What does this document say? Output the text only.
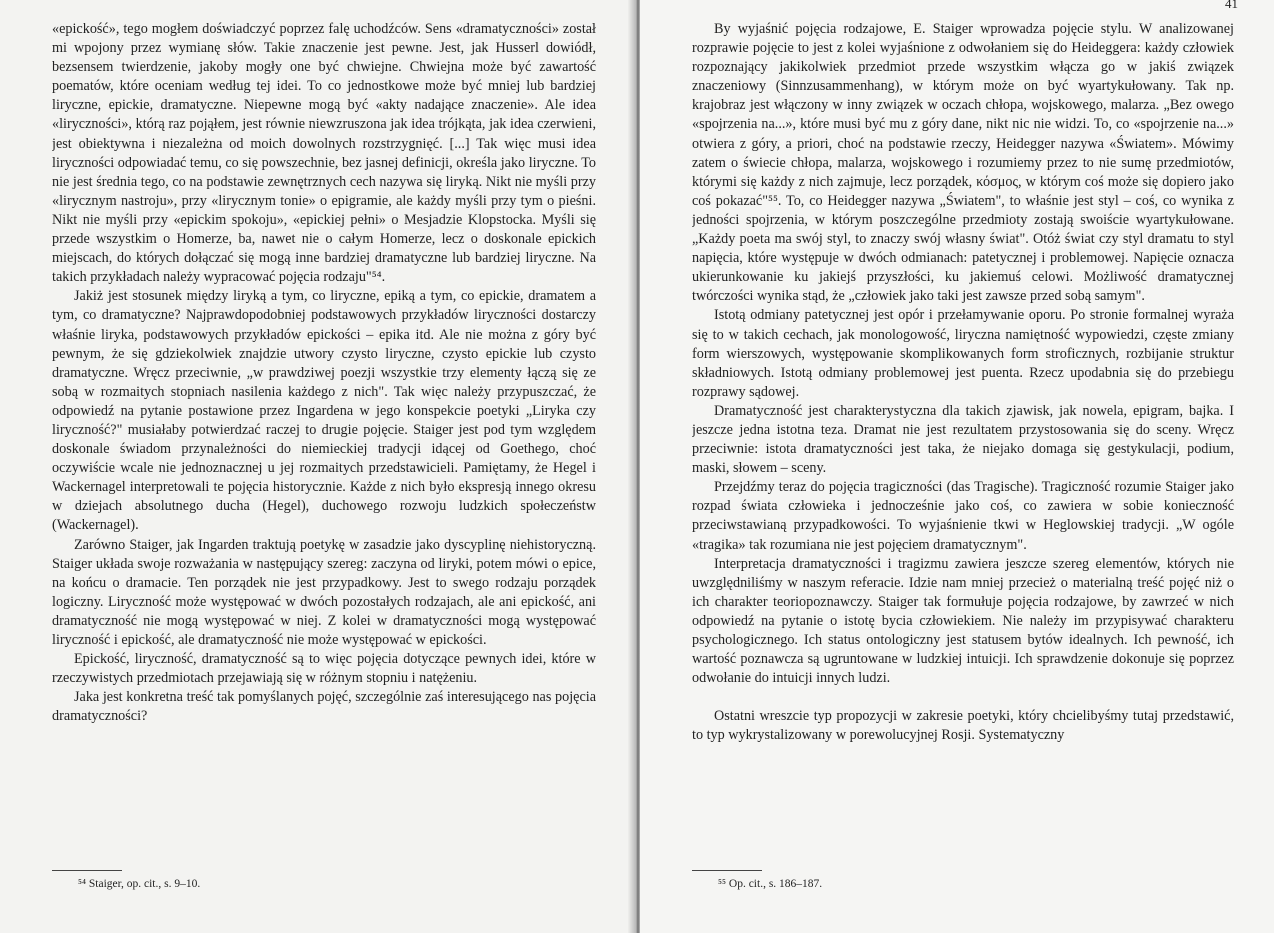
«epickość», tego mogłem doświadczyć poprzez falę uchodźców. Sens «dramatyczności» został mi wpojony przez wymianę słów. Takie znaczenie jest pewne. Jest, jak Husserl dowiódł, bezsensem twierdzenie, jakoby mogły one być chwiejne. Chwiejna może być zawartość poematów, które oceniam według tej idei. To co jednostkowe może być mniej lub bardziej liryczne, epickie, dramatyczne. Niepewne mogą być «akty nadające znaczenie». Ale idea «liryczności», którą raz pojąłem, jest równie niewzruszona jak idea trójkąta, jak idea czerwieni, jest obiektywna i niezależna od moich dowolnych rozstrzygnięć. [...] Tak więc musi idea liryczności odpowiadać temu, co się powszechnie, bez jasnej definicji, określa jako liryczne. To nie jest średnia tego, co na podstawie zewnętrznych cech nazywa się liryką. Nikt nie myśli przy «lirycznym nastroju», przy «lirycznym tonie» o epigramie, ale każdy myśli przy tym o pieśni. Nikt nie myśli przy «epickim spokoju», «epickiej pełni» o Mesjadzie Klopstocka. Myśli się przede wszystkim o Homerze, ba, nawet nie o całym Homerze, lecz o doskonale epickich miejscach, do których dołączać się mogą inne bardziej dramatyczne lub bardziej liryczne. Na takich przykładach należy wypracować pojęcia rodzaju"⁵⁴.

Jakiż jest stosunek między liryką a tym, co liryczne, epiką a tym, co epickie, dramatem a tym, co dramatyczne? Najprawdopodobniej podstawowych przykładów liryczności dostarczy właśnie liryka, podstawowych przykładów epickości – epika itd. Ale nie można z góry być pewnym, że się gdziekolwiek znajdzie utwory czysto liryczne, czysto epickie lub czysto dramatyczne. Wręcz przeciwnie, „w prawdziwej poezji wszystkie trzy elementy łączą się ze sobą w rozmaitych stopniach nasilenia każdego z nich". Tak więc należy przypuszczać, że odpowiedź na pytanie postawione przez Ingardena w jego konspekcie poetyki „Liryka czy liryczność?" musiałaby potwierdzać raczej to drugie pojęcie. Staiger jest pod tym względem doskonale świadom przynależności do niemieckiej tradycji idącej od Goethego, choć oczywiście wcale nie jednoznacznej u jej rozmaitych przedstawicieli. Pamiętamy, że Hegel i Wackernagel interpretowali te pojęcia historycznie. Każde z nich było ekspresją innego okresu w dziejach absolutnego ducha (Hegel), duchowego rozwoju ludzkich społeczeństw (Wackernagel).

Zarówno Staiger, jak Ingarden traktują poetykę w zasadzie jako dyscyplinę niehistoryczną. Staiger układa swoje rozważania w następujący szereg: zaczyna od liryki, potem mówi o epice, na końcu o dramacie. Ten porządek nie jest przypadkowy. Jest to swego rodzaju porządek logiczny. Liryczność może występować w dwóch pozostałych rodzajach, ale ani epickość, ani dramatyczność nie mogą występować w niej. Z kolei w dramatyczności mogą występować liryczność i epickość, ale dramatyczność nie może występować w epickości.

Epickość, liryczność, dramatyczność są to więc pojęcia dotyczące pewnych idei, które w rzeczywistych przedmiotach przejawiają się w różnym stopniu i natężeniu.

Jaka jest konkretna treść tak pomyślanych pojęć, szczególnie zaś interesującego nas pojęcia dramatyczności?

41

By wyjaśnić pojęcia rodzajowe, E. Staiger wprowadza pojęcie stylu. W analizowanej rozprawie pojęcie to jest z kolei wyjaśnione z odwołaniem się do Heideggera: każdy człowiek rozpoznający jakikolwiek przedmiot przede wszystkim włącza go w jakiś związek znaczeniowy (Sinnzusammenhang), w którym może on być wyartykułowany. Tak np. krajobraz jest włączony w inny związek w oczach chłopa, wojskowego, malarza. „Bez owego «spojrzenia na...», które musi być mu z góry dane, nikt nic nie widzi. To, co «spojrzenie na...» otwiera z góry, a priori, choć na podstawie rzeczy, Heidegger nazywa «Światem». Mówimy zatem o świecie chłopa, malarza, wojskowego i rozumiemy przez to nie sumę przedmiotów, którymi się każdy z nich zajmuje, lecz porządek, κόσμος, w którym coś może się dopiero jako coś pokazać"⁵⁵. To, co Heidegger nazywa „Światem", to właśnie jest styl – coś, co wynika z jedności spojrzenia, w którym poszczególne przedmioty zostają swoiście wyartykułowane. „Każdy poeta ma swój styl, to znaczy swój własny świat". Otóż świat czy styl dramatu to styl napięcia, które występuje w dwóch odmianach: patetycznej i problemowej. Napięcie oznacza ukierunkowanie ku jakiejś przyszłości, ku jakiemuś celowi. Możliwość dramatycznej twórczości wynika stąd, że „człowiek jako taki jest zawsze przed sobą samym".

Istotą odmiany patetycznej jest opór i przełamywanie oporu. Po stronie formalnej wyraża się to w takich cechach, jak monologowość, liryczna namiętność wypowiedzi, częste zmiany form wierszowych, występowanie skomplikowanych form stroficznych, rozbijanie struktur składniowych. Istotą odmiany problemowej jest puenta. Rzecz upodabnia się do przebiegu rozprawy sądowej.

Dramatyczność jest charakterystyczna dla takich zjawisk, jak nowela, epigram, bajka. I jeszcze jedna istotna teza. Dramat nie jest rezultatem przystosowania się do sceny. Wręcz przeciwnie: istota dramatyczności jest taka, że niejako domaga się gestykulacji, podium, maski, słowem – sceny.

Przejdźmy teraz do pojęcia tragiczności (das Tragische). Tragiczność rozumie Staiger jako rozpad świata człowieka i jednocześnie jako coś, co zawiera w sobie konieczność przeciwstawianą przypadkowości. To wyjaśnienie tkwi w Heglowskiej tradycji. „W ogóle «tragika» tak rozumiana nie jest pojęciem dramatycznym".

Interpretacja dramatyczności i tragizmu zawiera jeszcze szereg elementów, których nie uwzględniliśmy w naszym referacie. Idzie nam mniej przecież o materialną treść pojęć niż o ich charakter teoriopoznawczy. Staiger tak formułuje pojęcia rodzajowe, by zawrzeć w nich odpowiedź na pytanie o istotę bycia człowiekiem. Nie należy im przypisywać charakteru psychologicznego. Ich status ontologiczny jest statusem bytów idealnych. Ich pewność, ich wartość poznawcza są ugruntowane w ludzkiej intuicji. Ich sprawdzenie dokonuje się poprzez odwołanie do intuicji innych ludzi.

Ostatni wreszcie typ propozycji w zakresie poetyki, który chcielibyśmy tutaj przedstawić, to typ wykrystalizowany w porewolucyjnej Rosji. Systematyczny

⁵⁴ Staiger, op. cit., s. 9–10.	⁵⁵ Op. cit., s. 186–187.
